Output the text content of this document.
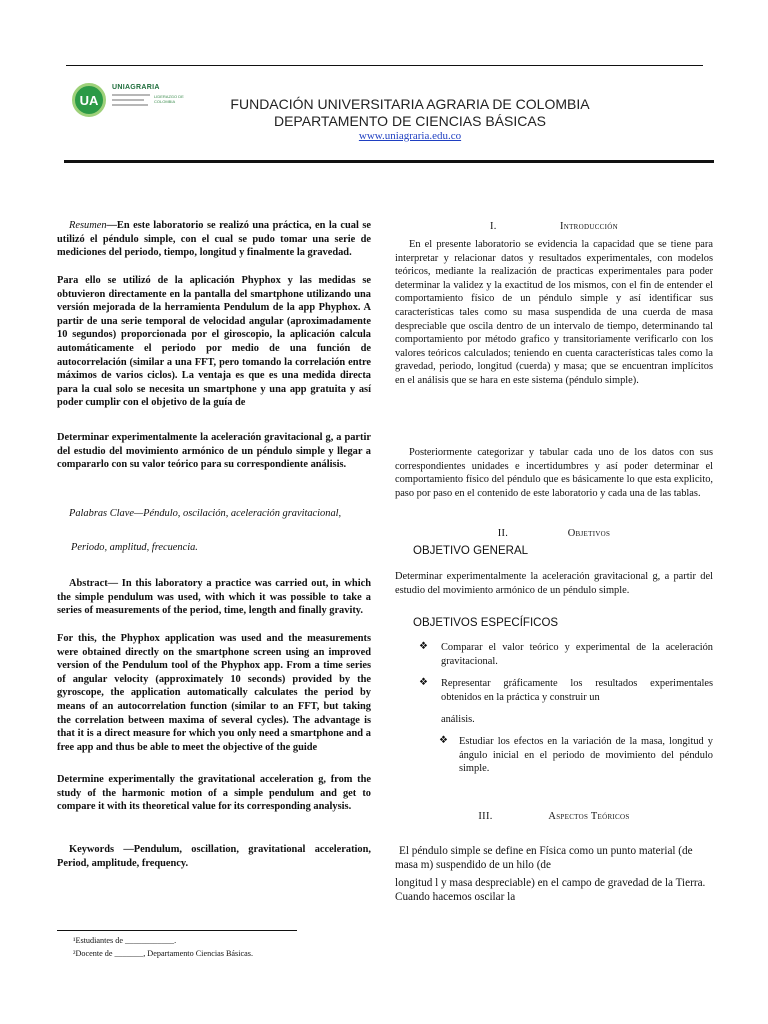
UA
UNIAGRARIA
LIDERAZGO DE COLOMBIA	FUNDACIÓN UNIVERSITARIA AGRARIA DE COLOMBIA
DEPARTAMENTO DE CIENCIAS BÁSICAS
www.uniagraria.edu.co
Resumen—En este laboratorio se realizó una práctica, en la cual se utilizó el péndulo simple, con el cual se pudo tomar una serie de mediciones del periodo, tiempo, longitud y finalmente la gravedad.
Para ello se utilizó de la aplicación Phyphox y las medidas se obtuvieron directamente en la pantalla del smartphone utilizando una versión mejorada de la herramienta Pendulum de la app Phyphox. A partir de una serie temporal de velocidad angular (aproximadamente 10 segundos) proporcionada por el giroscopio, la aplicación calcula automáticamente el periodo por medio de una función de autocorrelación (similar a una FFT, pero tomando la correlación entre máximos de varios ciclos). La ventaja es que es una medida directa para la cual solo se necesita un smartphone y una app gratuita y así poder cumplir con el objetivo de la guía de
Determinar experimentalmente la aceleración gravitacional g, a partir del estudio del movimiento armónico de un péndulo simple y llegar a compararlo con su valor teórico para su correspondiente análisis.
Palabras Clave—Péndulo, oscilación, aceleración gravitacional,
Periodo, amplitud, frecuencia.
Abstract— In this laboratory a practice was carried out, in which the simple pendulum was used, with which it was possible to take a series of measurements of the period, time, length and finally gravity.
For this, the Phyphox application was used and the measurements were obtained directly on the smartphone screen using an improved version of the Pendulum tool of the Phyphox app. From a time series of angular velocity (approximately 10 seconds) provided by the gyroscope, the application automatically calculates the period by means of an autocorrelation function (similar to an FFT, but taking the correlation between maxima of several cycles). The advantage is that it is a direct measure for which you only need a smartphone and a free app and thus be able to meet the objective of the guide
Determine experimentally the gravitational acceleration g, from the study of the harmonic motion of a simple pendulum and get to compare it with its theoretical value for its corresponding analysis.
Keywords —Pendulum, oscillation, gravitational acceleration, Period, amplitude, frequency.
¹Estudiantes de ____________.
²Docente de _______, Departamento Ciencias Básicas.
I.	Introducción
En el presente laboratorio se evidencia la capacidad que se tiene para interpretar y relacionar datos y resultados experimentales, con modelos teóricos, mediante la realización de practicas experimentales para poder determinar la validez y la exactitud de los mismos, con el fin de entender el comportamiento físico de un péndulo simple y así identificar sus características tales como su masa suspendida de una cuerda de masa despreciable que oscila dentro de un intervalo de tiempo, determinando tal comportamiento por método grafico y transitoriamente verificarlo con los valores teóricos calculados; teniendo en cuenta características tales como la gravedad, periodo, longitud (cuerda) y masa; que se encuentran implícitos en el análisis que se hara en este sistema (péndulo simple).
Posteriormente categorizar y tabular cada uno de los datos con sus correspondientes unidades e incertidumbres y así poder determinar el comportamiento físico del péndulo que es básicamente lo que esta explicito, paso por paso en el contenido de este laboratorio y cada una de las tablas.
II.	Objetivos
OBJETIVO GENERAL
Determinar experimentalmente la aceleración gravitacional g, a partir del estudio del movimiento armónico de un péndulo simple.
OBJETIVOS ESPECÍFICOS
❖ Comparar el valor teórico y experimental de la aceleración gravitacional.
❖ Representar gráficamente los resultados experimentales obtenidos en la práctica y construir un
análisis.
❖ Estudiar los efectos en la variación de la masa, longitud y ángulo inicial en el periodo de movimiento del péndulo simple.
III.	Aspectos Teóricos
El péndulo simple se define en Física como un punto material (de masa m) suspendido de un hilo (de
longitud l y masa despreciable) en el campo de gravedad de la Tierra. Cuando hacemos oscilar la
